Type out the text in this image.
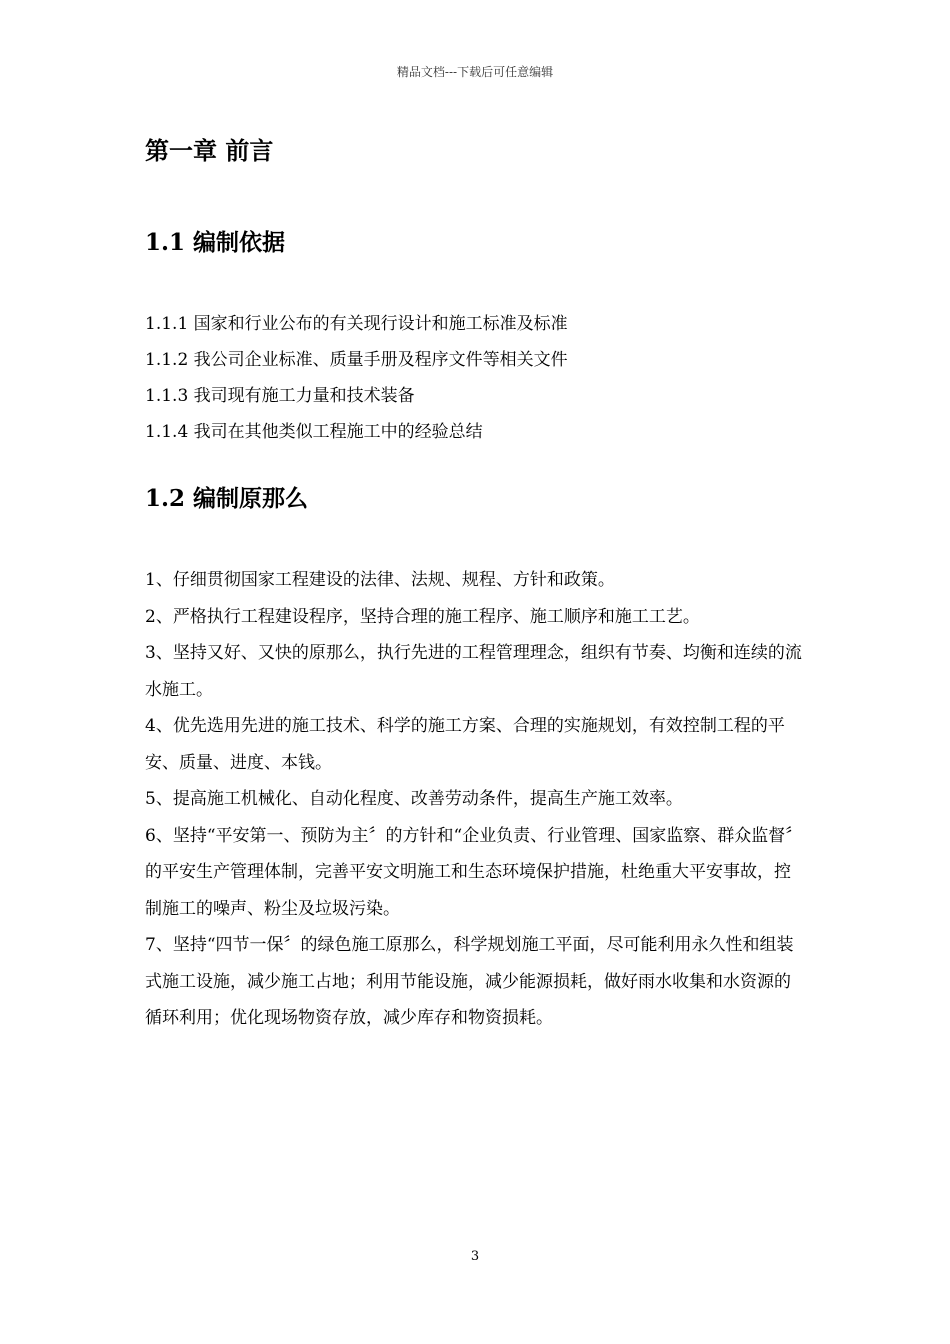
精品文档---下载后可任意编辑
第一章 前言
1.1 编制依据
1.1.1 国家和行业公布的有关现行设计和施工标准及标准
1.1.2 我公司企业标准、质量手册及程序文件等相关文件
1.1.3 我司现有施工力量和技术装备
1.1.4 我司在其他类似工程施工中的经验总结
1.2 编制原那么

1、仔细贯彻国家工程建设的法律、法规、规程、方针和政策。

2、严格执行工程建设程序，坚持合理的施工程序、施工顺序和施工工艺。

3、坚持又好、又快的原那么，执行先进的工程管理理念，组织有节奏、均衡和连续的流水施工。

4、优先选用先进的施工技术、科学的施工方案、合理的实施规划，有效控制工程的平安、质量、进度、本钱。

5、提高施工机械化、自动化程度、改善劳动条件，提高生产施工效率。

6、坚持“平安第一、预防为主〞的方针和“企业负责、行业管理、国家监察、群众监督〞的平安生产管理体制，完善平安文明施工和生态环境保护措施，杜绝重大平安事故，控制施工的噪声、粉尘及垃圾污染。

7、坚持“四节一保〞的绿色施工原那么，科学规划施工平面，尽可能利用永久性和组装式施工设施，减少施工占地；利用节能设施，减少能源损耗，做好雨水收集和水资源的循环利用；优化现场物资存放，减少库存和物资损耗。

3
